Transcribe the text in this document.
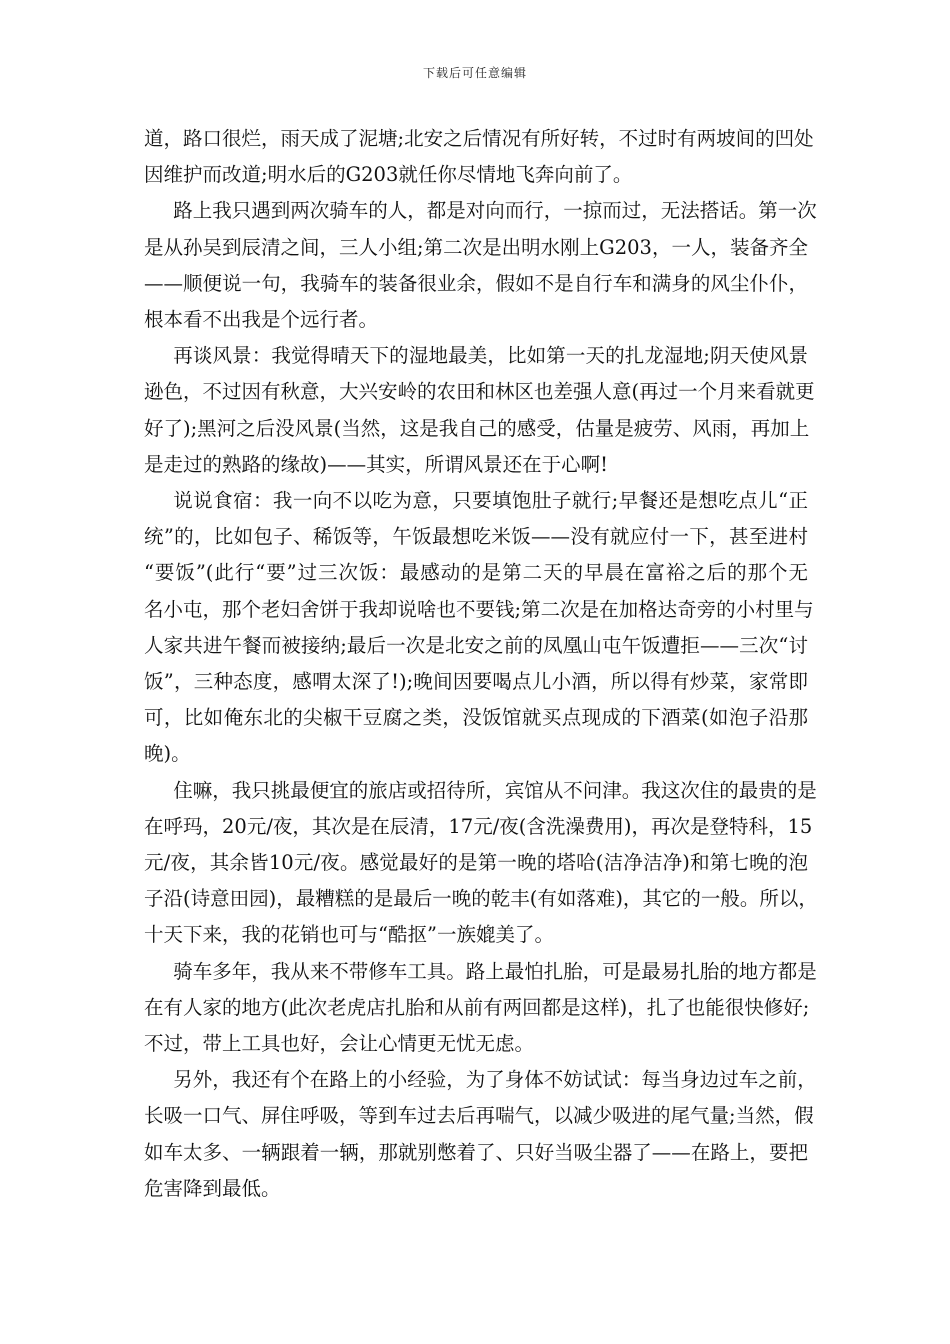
下载后可任意编辑

道，路口很烂，雨天成了泥塘;北安之后情况有所好转，不过时有两坡间的凹处
因维护而改道;明水后的G203就任你尽情地飞奔向前了。

路上我只遇到两次骑车的人，都是对向而行，一掠而过，无法搭话。第一次
是从孙吴到辰清之间，三人小组;第二次是出明水刚上G203，一人，装备齐全
——顺便说一句，我骑车的装备很业余，假如不是自行车和满身的风尘仆仆，
根本看不出我是个远行者。

再谈风景：我觉得晴天下的湿地最美，比如第一天的扎龙湿地;阴天使风景
逊色，不过因有秋意，大兴安岭的农田和林区也差强人意(再过一个月来看就更
好了);黑河之后没风景(当然，这是我自己的感受，估量是疲劳、风雨，再加上
是走过的熟路的缘故)——其实，所谓风景还在于心啊!

说说食宿：我一向不以吃为意，只要填饱肚子就行;早餐还是想吃点儿“正
统”的，比如包子、稀饭等，午饭最想吃米饭——没有就应付一下，甚至进村
“要饭”(此行“要”过三次饭：最感动的是第二天的早晨在富裕之后的那个无
名小屯，那个老妇舍饼于我却说啥也不要钱;第二次是在加格达奇旁的小村里与
人家共进午餐而被接纳;最后一次是北安之前的凤凰山屯午饭遭拒——三次“讨
饭”，三种态度，感喟太深了!);晚间因要喝点儿小酒，所以得有炒菜，家常即
可，比如俺东北的尖椒干豆腐之类，没饭馆就买点现成的下酒菜(如泡子沿那
晚)。

住嘛，我只挑最便宜的旅店或招待所，宾馆从不问津。我这次住的最贵的是
在呼玛，20元/夜，其次是在辰清，17元/夜(含洗澡费用)，再次是登特科，15
元/夜，其余皆10元/夜。感觉最好的是第一晚的塔哈(洁净洁净)和第七晚的泡
子沿(诗意田园)，最糟糕的是最后一晚的乾丰(有如落难)，其它的一般。所以，
十天下来，我的花销也可与“酷抠”一族媲美了。

骑车多年，我从来不带修车工具。路上最怕扎胎，可是最易扎胎的地方都是
在有人家的地方(此次老虎店扎胎和从前有两回都是这样)，扎了也能很快修好;
不过，带上工具也好，会让心情更无忧无虑。

另外，我还有个在路上的小经验，为了身体不妨试试：每当身边过车之前，
长吸一口气、屏住呼吸，等到车过去后再喘气，以减少吸进的尾气量;当然，假
如车太多、一辆跟着一辆，那就别憋着了、只好当吸尘器了——在路上，要把
危害降到最低。
